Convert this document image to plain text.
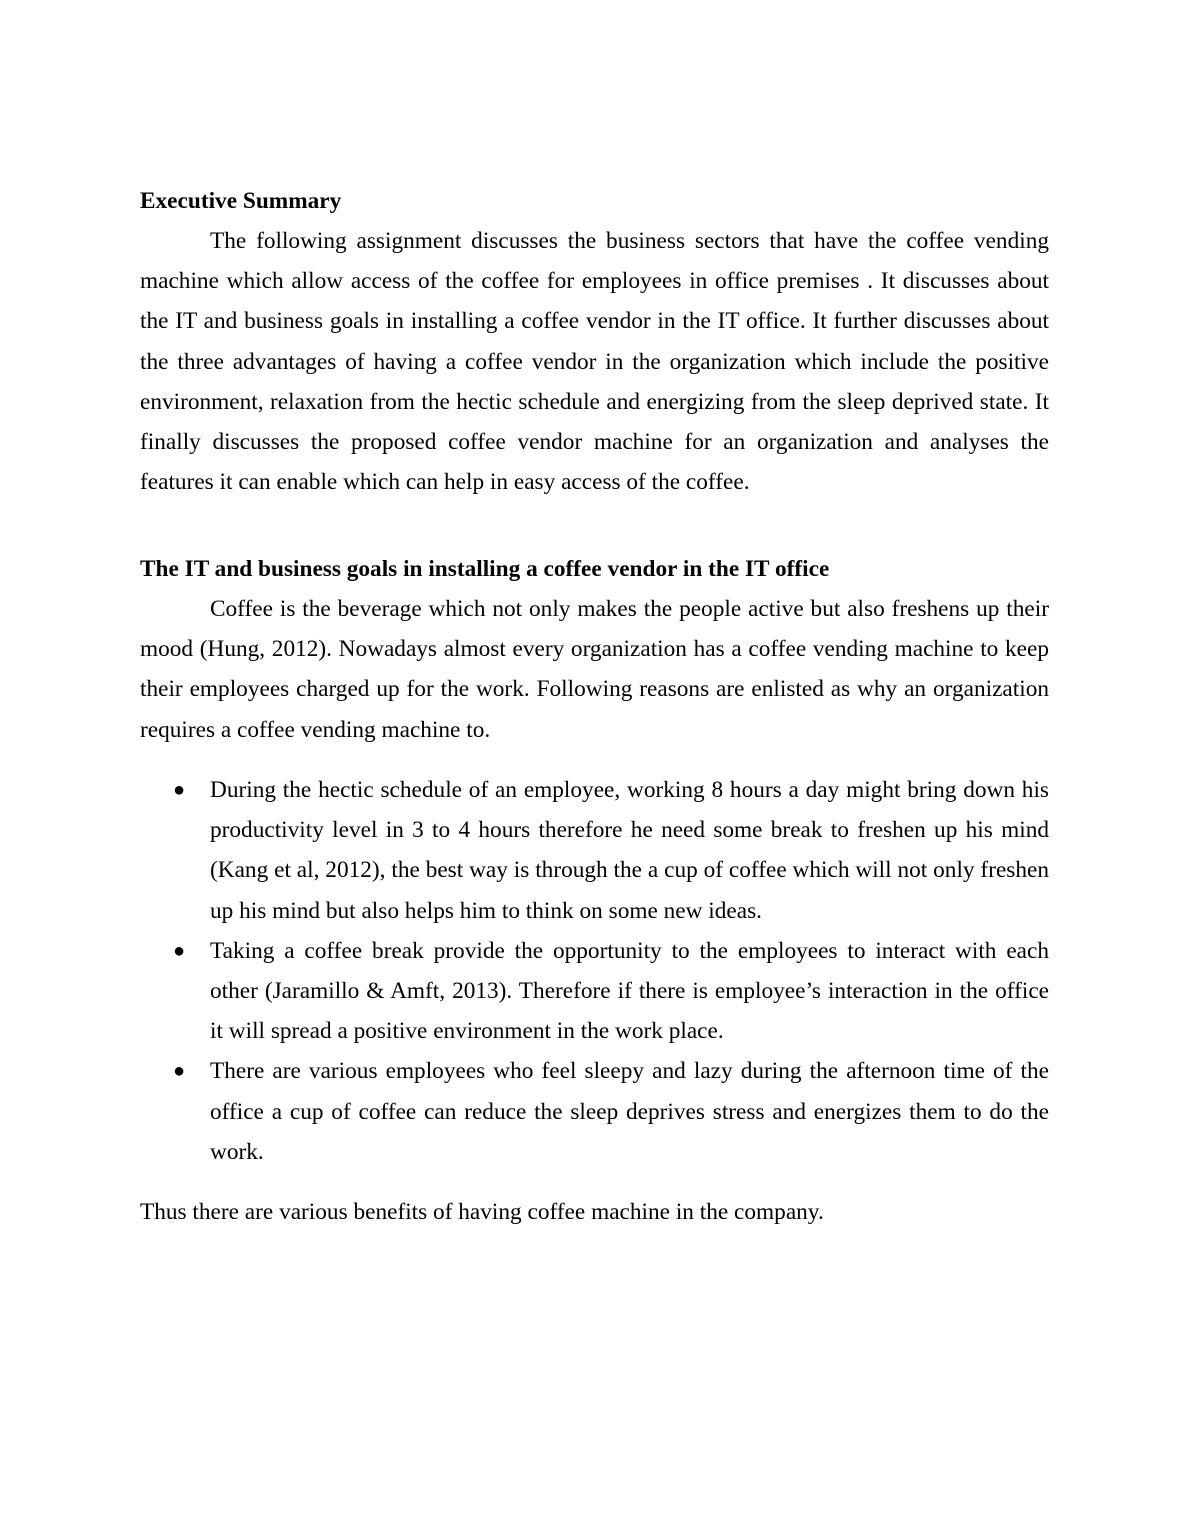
Executive Summary
The following assignment discusses the business sectors that have the coffee vending machine which allow access of the coffee for employees in office premises . It discusses about the IT and business goals in installing a coffee vendor in the IT office. It further discusses about the three advantages of having a coffee vendor in the organization which include the positive environment, relaxation from the hectic schedule and energizing from the sleep deprived state. It finally discusses the proposed coffee vendor machine for an organization and analyses the features it can enable which can help in easy access of the coffee.
The IT and business goals in installing a coffee vendor in the IT office
Coffee is the beverage which not only makes the people active but also freshens up their mood (Hung, 2012). Nowadays almost every organization has a coffee vending machine to keep their employees charged up for the work. Following reasons are enlisted as why an organization requires a coffee vending machine to.
● During the hectic schedule of an employee, working 8 hours a day might bring down his productivity level in 3 to 4 hours therefore he need some break to freshen up his mind (Kang et al, 2012), the best way is through the a cup of coffee which will not only freshen up his mind but also helps him to think on some new ideas.
● Taking a coffee break provide the opportunity to the employees to interact with each other (Jaramillo & Amft, 2013). Therefore if there is employee’s interaction in the office it will spread a positive environment in the work place.
● There are various employees who feel sleepy and lazy during the afternoon time of the office a cup of coffee can reduce the sleep deprives stress and energizes them to do the work.
Thus there are various benefits of having coffee machine in the company.
